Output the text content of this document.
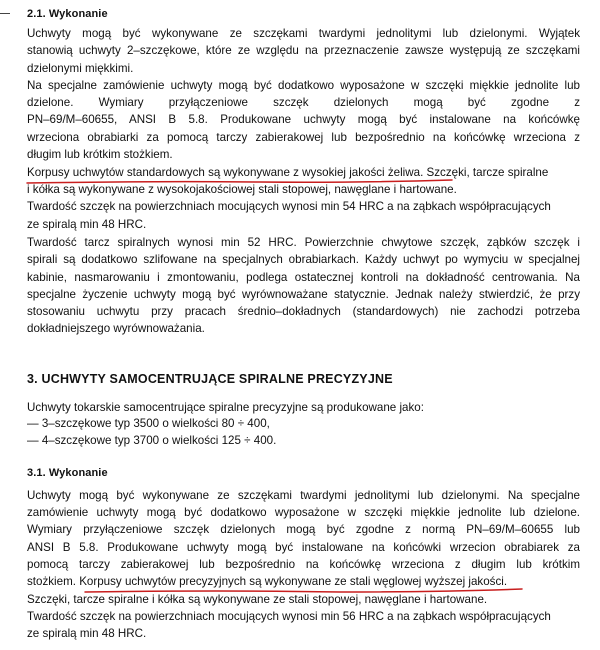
2.1. Wykonanie
Uchwyty mogą być wykonywane ze szczękami twardymi jednolitymi lub dzielonymi. Wyjątek
stanowią uchwyty 2–szczękowe, które ze względu na przeznaczenie zawsze występują ze szczękami
dzielonymi miękkimi.
Na specjalne zamówienie uchwyty mogą być dodatkowo wyposażone w szczęki miękkie jednolite lub
dzielone. Wymiary przyłączeniowe szczęk dzielonych mogą być zgodne z
PN–69/M–60655, ANSI B 5.8. Produkowane uchwyty mogą być instalowane na końcówkę
wrzeciona obrabiarki za pomocą tarczy zabierakowej lub bezpośrednio na końcówkę wrzeciona z
długim lub krótkim stożkiem.
Korpusy uchwytów standardowych są wykonywane z wysokiej jakości żeliwa. Szczęki, tarcze spiralne
i kółka są wykonywane z wysokojakościowej stali stopowej, nawęglane i hartowane.
Twardość szczęk na powierzchniach mocujących wynosi min 54 HRC a na ząbkach współpracujących
ze spiralą min 48 HRC.
Twardość tarcz spiralnych wynosi min 52 HRC. Powierzchnie chwytowe szczęk, ząbków szczęk i
spirali są dodatkowo szlifowane na specjalnych obrabiarkach. Każdy uchwyt po wymyciu w specjalnej
kabinie, nasmarowaniu i zmontowaniu, podlega ostatecznej kontroli na dokładność centrowania. Na
specjalne życzenie uchwyty mogą być wyrównoważane statycznie. Jednak należy stwierdzić, że przy
stosowaniu uchwytu przy pracach średnio–dokładnych (standardowych) nie zachodzi potrzeba
dokładniejszego wyrównoważania.
3. UCHWYTY SAMOCENTRUJĄCE SPIRALNE PRECYZYJNE
Uchwyty tokarskie samocentrujące spiralne precyzyjne są produkowane jako:
— 3–szczękowe typ 3500 o wielkości 80 ÷ 400,
— 4–szczękowe typ 3700 o wielkości 125 ÷ 400.
3.1. Wykonanie
Uchwyty mogą być wykonywane ze szczękami twardymi jednolitymi lub dzielonymi. Na specjalne
zamówienie uchwyty mogą być dodatkowo wyposażone w szczęki miękkie jednolite lub dzielone.
Wymiary przyłączeniowe szczęk dzielonych mogą być zgodne z normą PN–69/M–60655 lub
ANSI B 5.8. Produkowane uchwyty mogą być instalowane na końcówki wrzecion obrabiarek za
pomocą tarczy zabierakowej lub bezpośrednio na końcówkę wrzeciona z długim lub krótkim
stożkiem. Korpusy uchwytów precyzyjnych są wykonywane ze stali węglowej wyższej jakości.
Szczęki, tarcze spiralne i kółka są wykonywane ze stali stopowej, nawęglane i hartowane.
Twardość szczęk na powierzchniach mocujących wynosi min 56 HRC a na ząbkach współpracujących
ze spiralą min 48 HRC.
